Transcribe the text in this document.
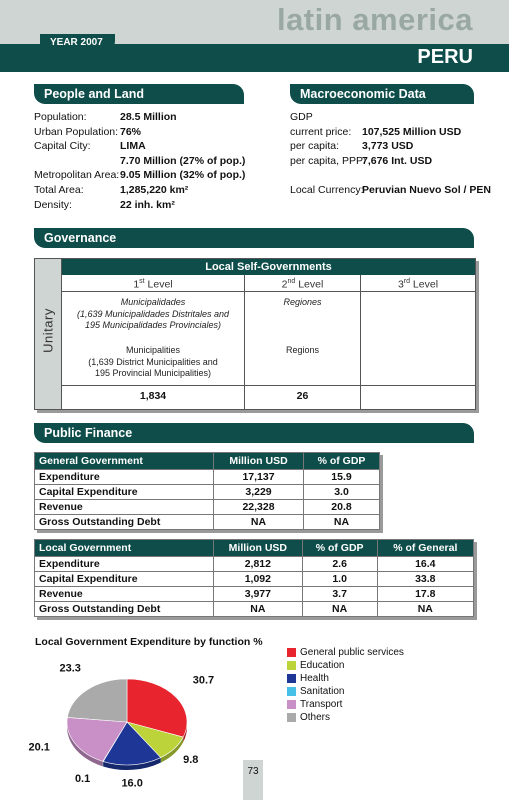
latin america
PERU
YEAR 2007
People and Land
Population:	28.5 Million
Urban Population: 76%
Capital City:	LIMA
7.70 Million (27% of pop.)
Metropolitan Area: 9.05 Million (32% of pop.)
Total Area:	1,285,220 km²
Density:	22 inh. km²
Macroeconomic Data
GDP
current price: 107,525 Million USD
per capita: 3,773 USD
per capita, PPP:
7,676 Int. USD
Local Currency:
Peruvian Nuevo Sol / PEN
Governance
Unitary
Local Self-Governments
1st Level	2nd Level	3rd Level
Municipalidades
(1,639 Municipalidades Distritales and
195 Municipalidades Provinciales)
Municipalities
(1,639 District Municipalities and
195 Provincial Municipalities)
Regiones
Regions
1,834	26
Public Finance
General Government	Million USD	% of GDP
Expenditure	17,137	15.9
Capital Expenditure	3,229	3.0
Revenue	22,328	20.8
Gross Outstanding Debt	NA	NA
Local Government	Million USD	% of GDP	% of General
Expenditure	2,812	2.6	16.4
Capital Expenditure	1,092	1.0	33.8
Revenue	3,977	3.7	17.8
Gross Outstanding Debt	NA	NA	NA
Local Government Expenditure by function %
30.7
9.8
16.0
0.1
20.1
23.3
General public services
Education
Health
Sanitation
Transport
Others
73
